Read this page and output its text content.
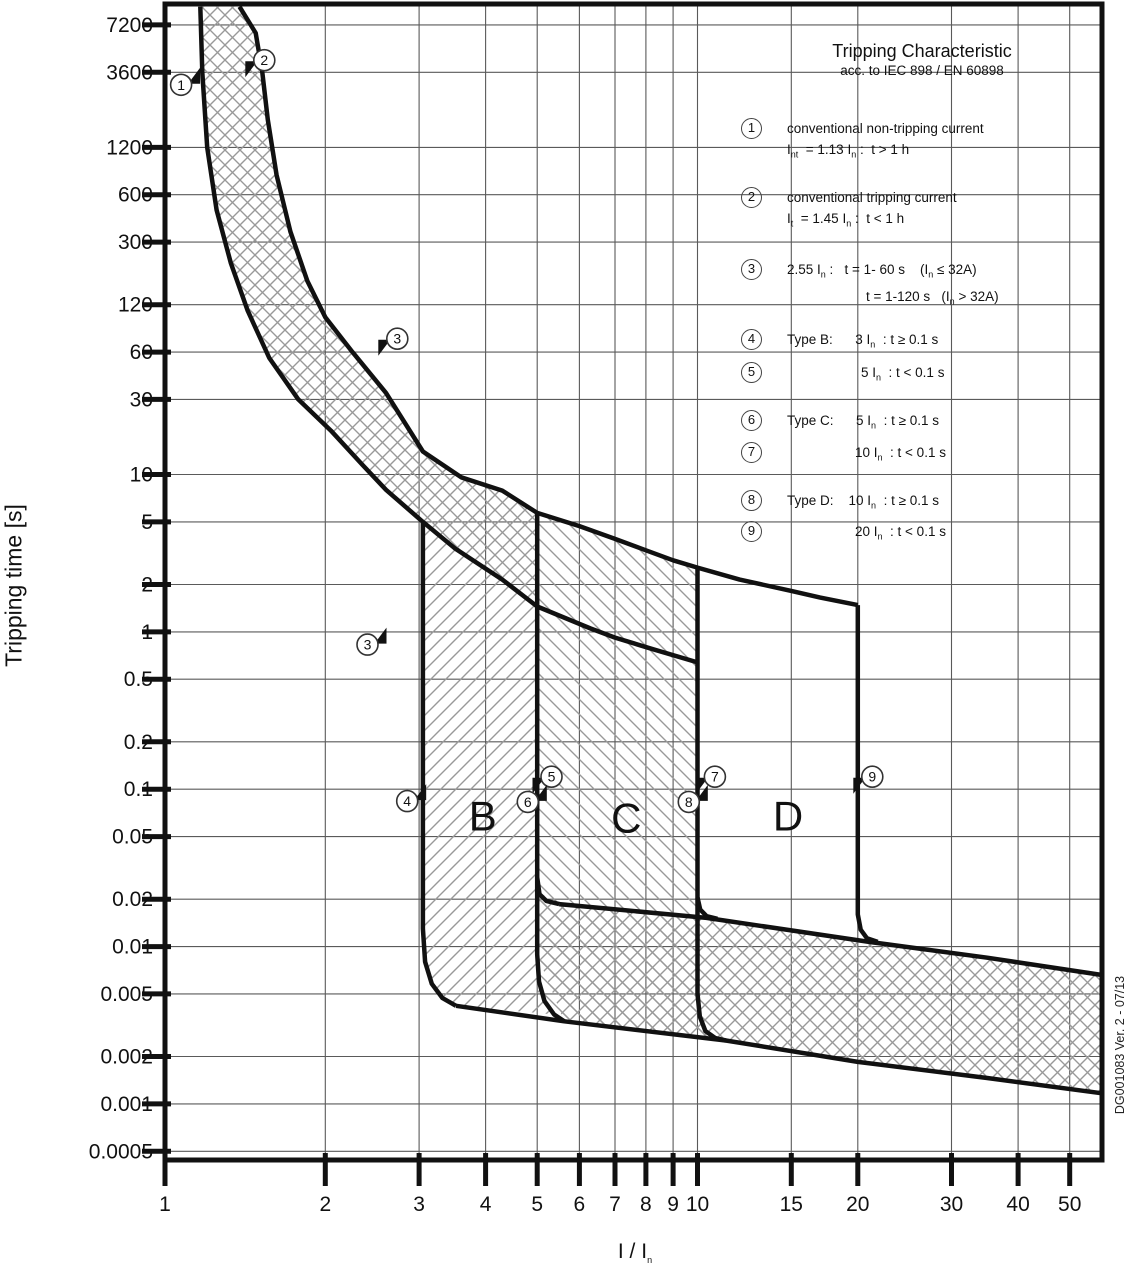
7200
3600
1200
600
300
120
60
30
10
5
2
1
0.5
0.2
0.1
0.05
0.02
0.01
0.005
0.002
0.001
0.0005
1	2	3	4 5 6 7 8 9 10	15 20	30 40 50
B	C	D
1
2
3
3
4
5
6
7
8
9
Tripping time [s]
I / $I_n$
DG001083 Ver. 2 - 07/13
Tripping Characteristic
acc. to IEC 898 / EN 60898
1	conventional non-tripping current
$I_{nt} = 1.13$ $I_n$ :  t > 1 h
2	conventional tripping current
$I_t = 1.45$ $I_n$ :  t < 1 h
3	2.55 $I_n$ :   t = 1- 60 s    $(I_n \le 32A)$
t = 1-120 s   $(I_n > 32A)$
4	Type B:      3 $I_n$  : t ≥ 0.1 s
5	5 $I_n$  : t < 0.1 s
6	Type C:      5 $I_n$  : t ≥ 0.1 s
7	10 $I_n$  : t < 0.1 s
8	Type D:    10 $I_n$  : t ≥ 0.1 s
9	20 $I_n$  : t < 0.1 s
